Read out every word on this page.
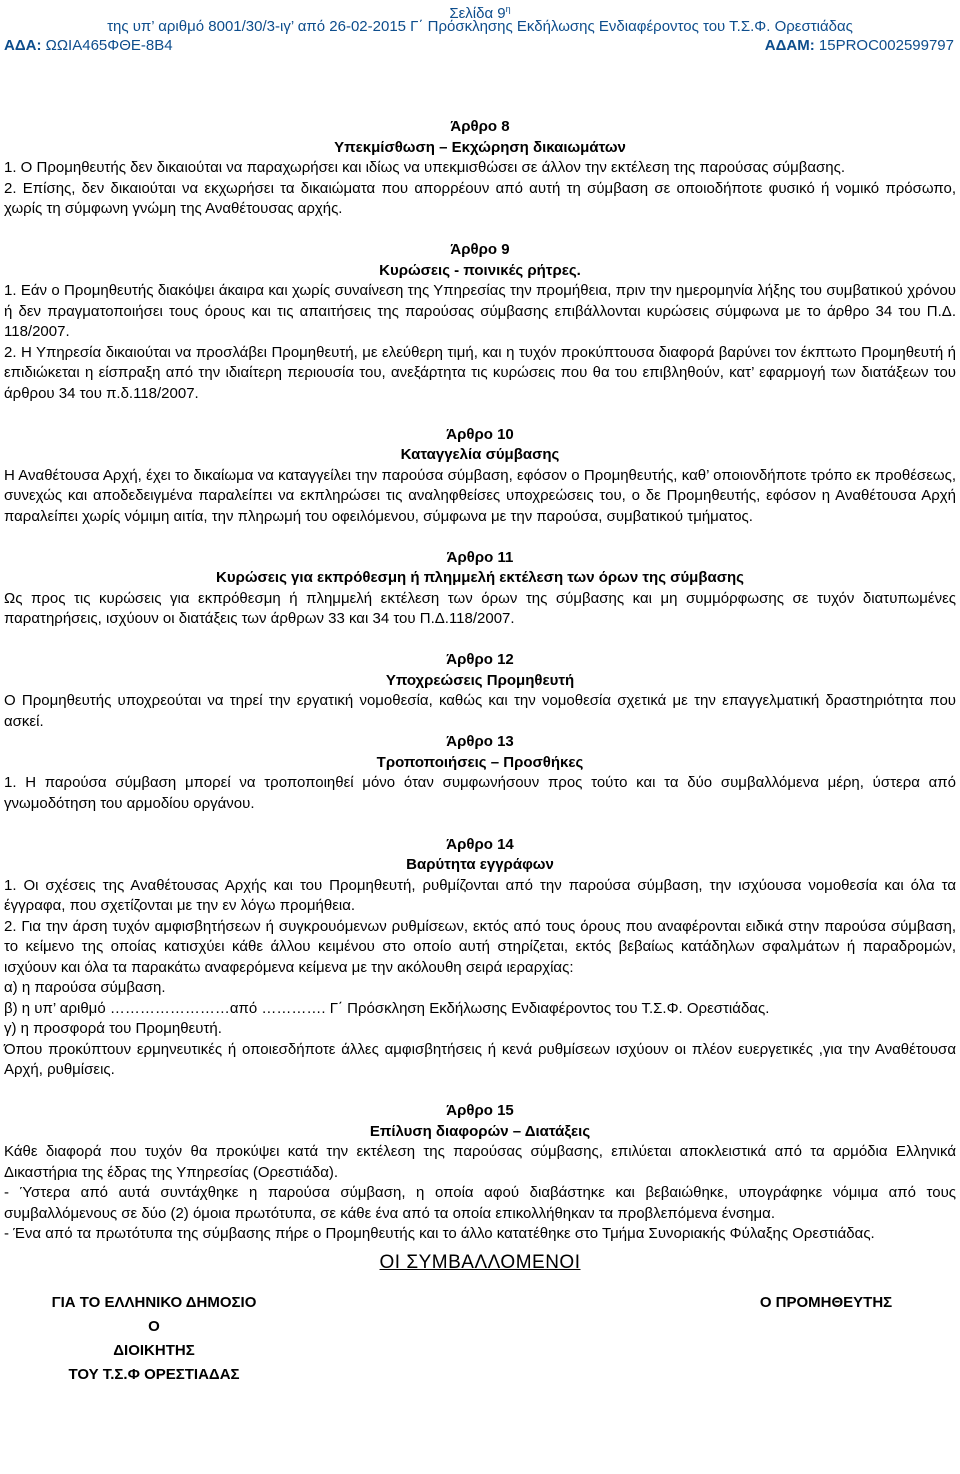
Σελίδα $9^\eta$
της υπ’ αριθμό 8001/30/3-ιγ’ από 26-02-2015 Γ΄ Πρόσκλησης Εκδήλωσης Ενδιαφέροντος του Τ.Σ.Φ. Ορεστιάδας
ΑΔΑ: ΩΩΙΑ465ΦΘΕ-8Β4	ΑΔΑΜ: 15PROC002599797
Άρθρο 8
Υπεκμίσθωση – Εκχώρηση δικαιωμάτων
1. Ο Προμηθευτής δεν δικαιούται να παραχωρήσει και ιδίως να υπεκμισθώσει σε άλλον την εκτέλεση της παρούσας σύμβασης.
2. Επίσης, δεν δικαιούται να εκχωρήσει τα δικαιώματα που απορρέουν από αυτή τη σύμβαση σε οποιοδήποτε φυσικό ή νομικό πρόσωπο, χωρίς τη σύμφωνη γνώμη της Αναθέτουσας αρχής.
Άρθρο 9
Κυρώσεις - ποινικές ρήτρες.
1. Εάν ο Προμηθευτής διακόψει άκαιρα και χωρίς συναίνεση της Υπηρεσίας την προμήθεια, πριν την ημερομηνία λήξης του συμβατικού χρόνου ή δεν πραγματοποιήσει τους όρους και τις απαιτήσεις της παρούσας σύμβασης επιβάλλονται κυρώσεις σύμφωνα με το άρθρο 34 του Π.Δ. 118/2007.
2. Η Υπηρεσία δικαιούται να προσλάβει Προμηθευτή, με ελεύθερη τιμή, και η τυχόν προκύπτουσα διαφορά βαρύνει τον έκπτωτο Προμηθευτή ή επιδιώκεται η είσπραξη από την ιδιαίτερη περιουσία του, ανεξάρτητα τις κυρώσεις που θα του επιβληθούν, κατ’ εφαρμογή των διατάξεων του άρθρου 34 του π.δ.118/2007.
Άρθρο 10
Καταγγελία σύμβασης
Η Αναθέτουσα Αρχή, έχει το δικαίωμα να καταγγείλει την παρούσα σύμβαση, εφόσον ο Προμηθευτής, καθ’ οποιονδήποτε τρόπο εκ προθέσεως, συνεχώς και αποδεδειγμένα παραλείπει να εκπληρώσει τις αναληφθείσες υποχρεώσεις του, ο δε Προμηθευτής, εφόσον η Αναθέτουσα Αρχή παραλείπει χωρίς νόμιμη αιτία, την πληρωμή του οφειλόμενου, σύμφωνα με την παρούσα, συμβατικού τμήματος.
Άρθρο 11
Κυρώσεις για εκπρόθεσμη ή πλημμελή εκτέλεση των όρων της σύμβασης
Ως προς τις κυρώσεις για εκπρόθεσμη ή πλημμελή εκτέλεση των όρων της σύμβασης και μη συμμόρφωσης σε τυχόν διατυπωμένες παρατηρήσεις, ισχύουν οι διατάξεις των άρθρων 33 και 34 του Π.Δ.118/2007.
Άρθρο 12
Υποχρεώσεις Προμηθευτή
Ο Προμηθευτής υποχρεούται να τηρεί την εργατική νομοθεσία, καθώς και την νομοθεσία σχετικά με την επαγγελματική δραστηριότητα που ασκεί.
Άρθρο 13
Τροποποιήσεις – Προσθήκες
1. Η παρούσα σύμβαση μπορεί να τροποποιηθεί μόνο όταν συμφωνήσουν προς τούτο και τα δύο συμβαλλόμενα μέρη, ύστερα από γνωμοδότηση του αρμοδίου οργάνου.
Άρθρο 14
Βαρύτητα εγγράφων
1. Οι σχέσεις της Αναθέτουσας Αρχής και του Προμηθευτή, ρυθμίζονται από την παρούσα σύμβαση, την ισχύουσα νομοθεσία και όλα τα έγγραφα, που σχετίζονται με την εν λόγω προμήθεια.
2. Για την άρση τυχόν αμφισβητήσεων ή συγκρουόμενων ρυθμίσεων, εκτός από τους όρους που αναφέρονται ειδικά στην παρούσα σύμβαση, το κείμενο της οποίας κατισχύει κάθε άλλου κειμένου στο οποίο αυτή στηρίζεται, εκτός βεβαίως κατάδηλων σφαλμάτων ή παραδρομών, ισχύουν και όλα τα παρακάτω αναφερόμενα κείμενα με την ακόλουθη σειρά ιεραρχίας:
α) η παρούσα σύμβαση.
β) η υπ’ αριθμό ……………………από …………. Γ΄ Πρόσκληση Εκδήλωσης Ενδιαφέροντος του Τ.Σ.Φ. Ορεστιάδας.
γ) η προσφορά του Προμηθευτή.
Όπου προκύπτουν ερμηνευτικές ή οποιεσδήποτε άλλες αμφισβητήσεις ή κενά ρυθμίσεων ισχύουν οι πλέον ευεργετικές ,για την Αναθέτουσα Αρχή, ρυθμίσεις.
Άρθρο 15
Επίλυση διαφορών – Διατάξεις
Κάθε διαφορά που τυχόν θα προκύψει κατά την εκτέλεση της παρούσας σύμβασης, επιλύεται αποκλειστικά από τα αρμόδια Ελληνικά Δικαστήρια της έδρας της Υπηρεσίας (Ορεστιάδα).
- Ύστερα από αυτά συντάχθηκε η παρούσα σύμβαση, η οποία αφού διαβάστηκε και βεβαιώθηκε, υπογράφηκε νόμιμα από τους συμβαλλόμενους σε δύο (2) όμοια πρωτότυπα, σε κάθε ένα από τα οποία επικολλήθηκαν τα προβλεπόμενα ένσημα.
- Ένα από τα πρωτότυπα της σύμβασης πήρε ο Προμηθευτής και το άλλο κατατέθηκε στο Τμήμα Συνοριακής Φύλαξης Ορεστιάδας.
ΟΙ ΣΥΜΒΑΛΛΟΜΕΝΟΙ
ΓΙΑ ΤΟ ΕΛΛΗΝΙΚΟ ΔΗΜΟΣΙΟ
Ο
ΔΙΟΙΚΗΤΗΣ
ΤΟΥ Τ.Σ.Φ ΟΡΕΣΤΙΑΔΑΣ
Ο ΠΡΟΜΗΘΕΥΤΗΣ
